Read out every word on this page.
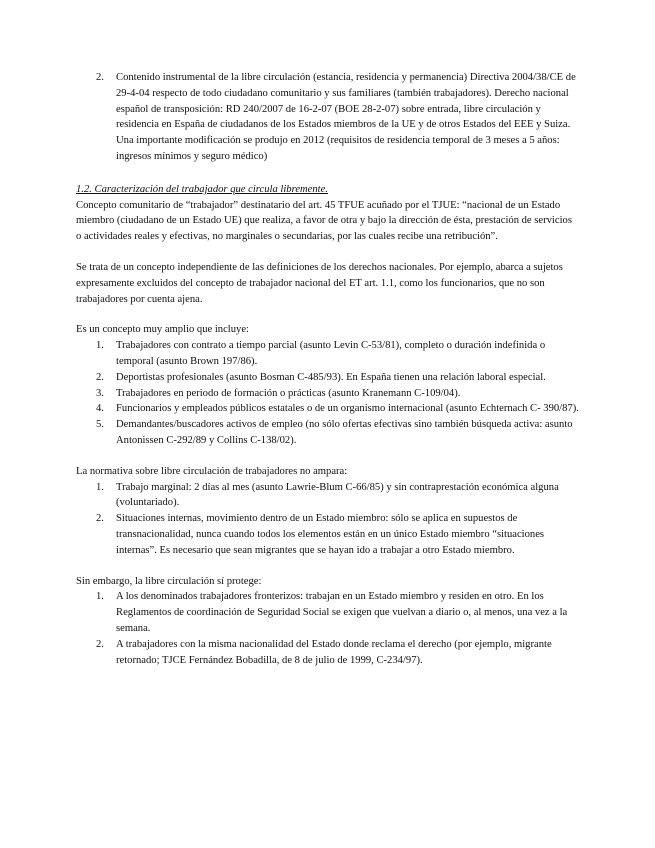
2. Contenido instrumental de la libre circulación (estancia, residencia y permanencia) Directiva 2004/38/CE de 29-4-04 respecto de todo ciudadano comunitario y sus familiares (también trabajadores). Derecho nacional español de transposición: RD 240/2007 de 16-2-07 (BOE 28-2-07) sobre entrada, libre circulación y residencia en España de ciudadanos de los Estados miembros de la UE y de otros Estados del EEE y Suiza. Una importante modificación se produjo en 2012 (requisitos de residencia temporal de 3 meses a 5 años: ingresos mínimos y seguro médico)

1.2. Caracterización del trabajador que circula libremente.

Concepto comunitario de “trabajador” destinatario del art. 45 TFUE acuñado por el TJUE: “nacional de un Estado miembro (ciudadano de un Estado UE) que realiza, a favor de otra y bajo la dirección de ésta, prestación de servicios o actividades reales y efectivas, no marginales o secundarias, por las cuales recibe una retribución”.

Se trata de un concepto independiente de las definiciones de los derechos nacionales. Por ejemplo, abarca a sujetos expresamente excluidos del concepto de trabajador nacional del ET art. 1.1, como los funcionarios, que no son trabajadores por cuenta ajena.

Es un concepto muy amplio que incluye:

1. Trabajadores con contrato a tiempo parcial (asunto Levin C-53/81), completo o duración indefinida o temporal (asunto Brown 197/86).
2. Deportistas profesionales (asunto Bosman C-485/93). En España tienen una relación laboral especial.
3. Trabajadores en periodo de formación o prácticas (asunto Kranemann C-109/04).
4. Funcionarios y empleados públicos estatales o de un organismo internacional (asunto Echternach C- 390/87).
5. Demandantes/buscadores activos de empleo (no sólo ofertas efectivas sino también búsqueda activa: asunto Antonissen C-292/89 y Collins C-138/02).

La normativa sobre libre circulación de trabajadores no ampara:

1. Trabajo marginal: 2 días al mes (asunto Lawrie-Blum C-66/85) y sin contraprestación económica alguna (voluntariado).
2. Situaciones internas, movimiento dentro de un Estado miembro: sólo se aplica en supuestos de transnacionalidad, nunca cuando todos los elementos están en un único Estado miembro “situaciones internas”. Es necesario que sean migrantes que se hayan ido a trabajar a otro Estado miembro.

Sin embargo, la libre circulación sí protege:

1. A los denominados trabajadores fronterizos: trabajan en un Estado miembro y residen en otro. En los Reglamentos de coordinación de Seguridad Social se exigen que vuelvan a diario o, al menos, una vez a la semana.
2. A trabajadores con la misma nacionalidad del Estado donde reclama el derecho (por ejemplo, migrante retornado; TJCE Fernández Bobadilla, de 8 de julio de 1999, C-234/97).
